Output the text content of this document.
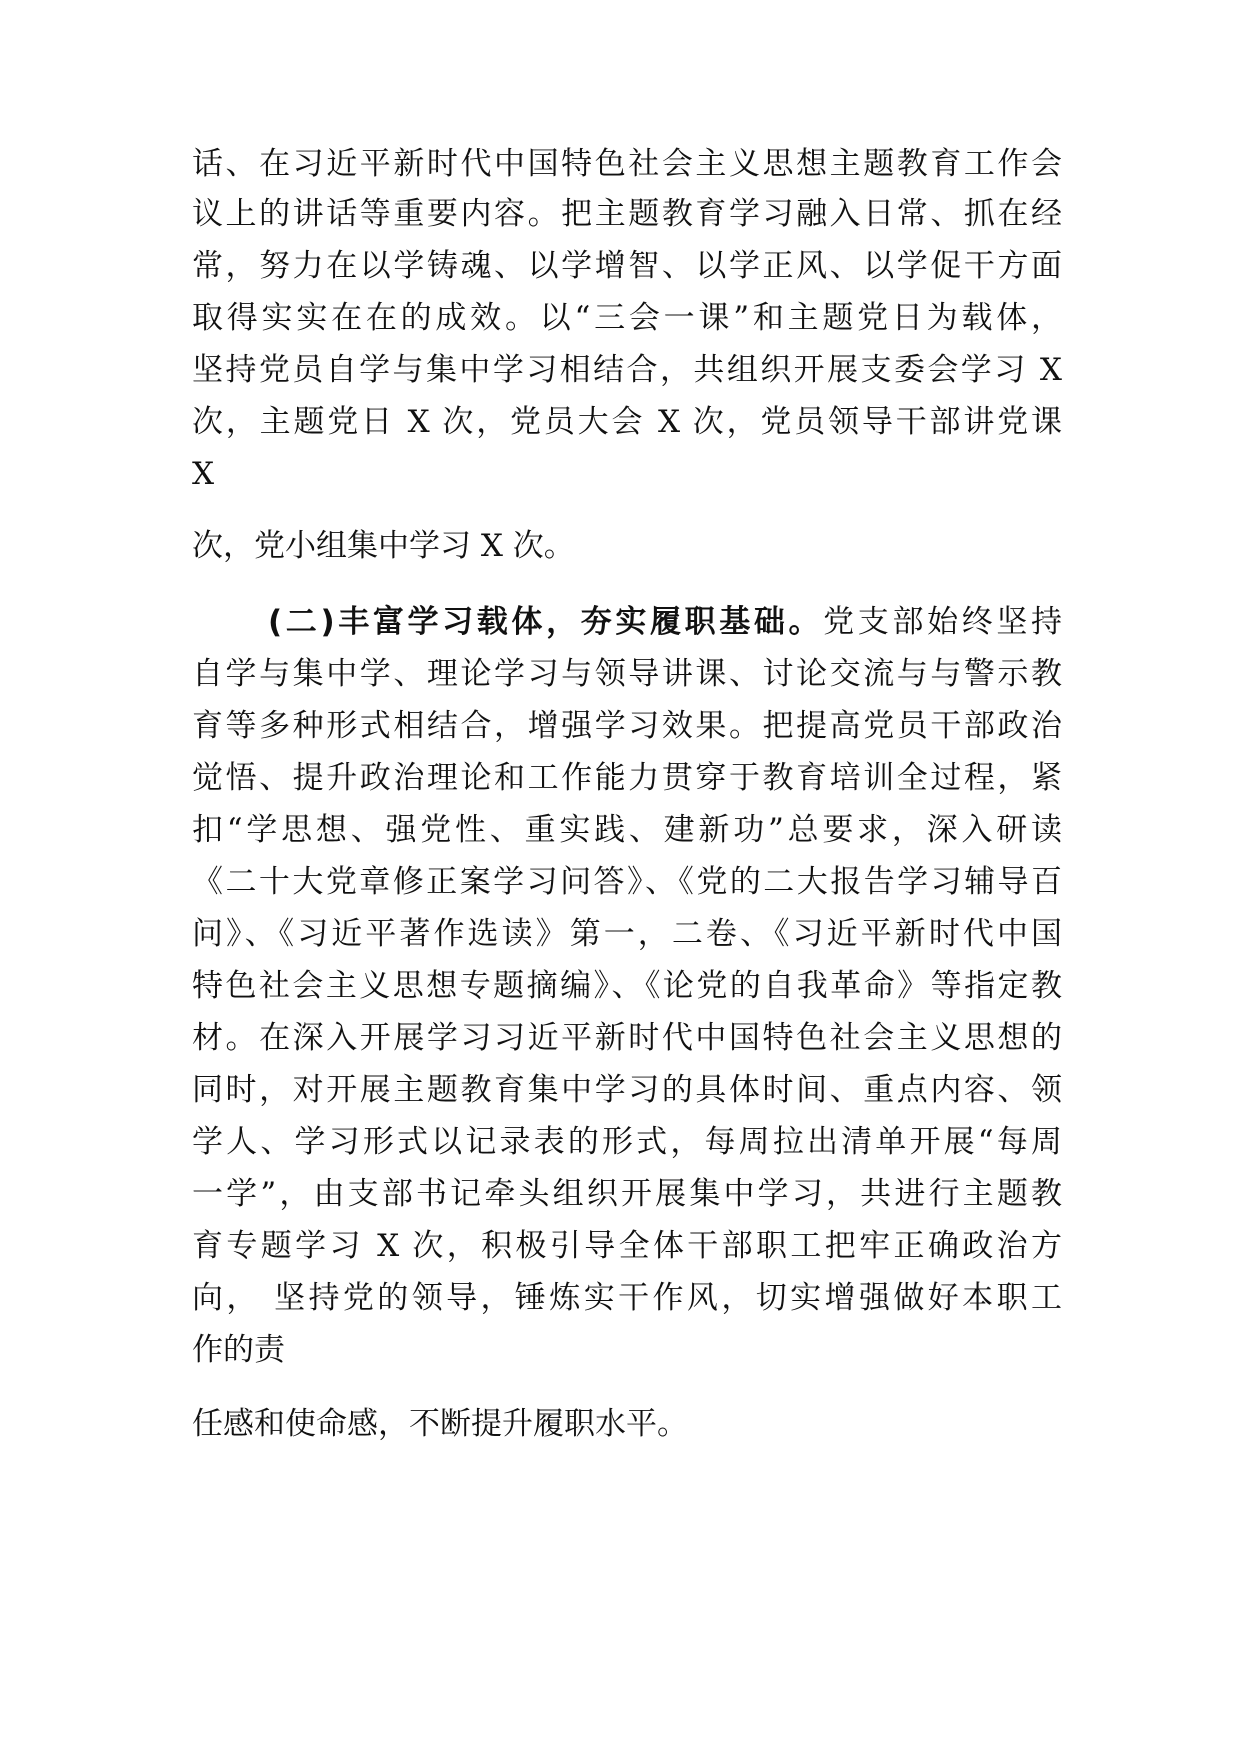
话、在习近平新时代中国特色社会主义思想主题教育工作会
议上的讲话等重要内容。把主题教育学习融入日常、抓在经
常，努力在以学铸魂、以学增智、以学正风、以学促干方面
取得实实在在的成效。以“三会一课”和主题党日为载体，
坚持党员自学与集中学习相结合，共组织开展支委会学习 X
次，主题党日 X 次，党员大会 X 次，党员领导干部讲党课
X
次，党小组集中学习 X 次。
(二)丰富学习载体，夯实履职基础。党支部始终坚持
自学与集中学、理论学习与领导讲课、讨论交流与与警示教
育等多种形式相结合，增强学习效果。把提高党员干部政治
觉悟、提升政治理论和工作能力贯穿于教育培训全过程，紧
扣“学思想、强党性、重实践、建新功”总要求，深入研读
《二十大党章修正案学习问答》、《党的二大报告学习辅导百
问》、《习近平著作选读》第一，二卷、《习近平新时代中国
特色社会主义思想专题摘编》、《论党的自我革命》等指定教
材。在深入开展学习习近平新时代中国特色社会主义思想的
同时，对开展主题教育集中学习的具体时间、重点内容、领
学人、学习形式以记录表的形式，每周拉出清单开展“每周
一学”，由支部书记牵头组织开展集中学习，共进行主题教
育专题学习 X 次，积极引导全体干部职工把牢正确政治方
向， 坚持党的领导，锤炼实干作风，切实增强做好本职工
作的责
任感和使命感，不断提升履职水平。
